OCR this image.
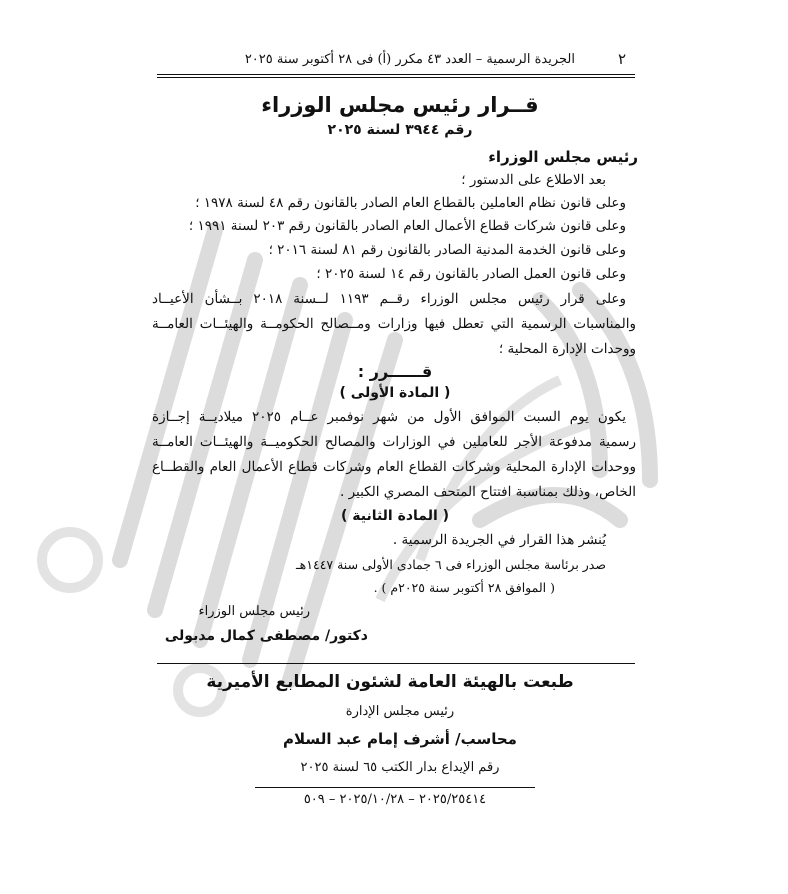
٢
الجريدة الرسمية – العدد ٤٣ مكرر (أ) فى ٢٨ أكتوبر سنة ٢٠٢٥
قــرار رئيس مجلس الوزراء
رقم ٣٩٤٤ لسنة ٢٠٢٥
رئيس مجلس الوزراء
بعد الاطلاع على الدستور ؛
وعلى قانون نظام العاملين بالقطاع العام الصادر بالقانون رقم ٤٨ لسنة ١٩٧٨ ؛
وعلى قانون شركات قطاع الأعمال العام الصادر بالقانون رقم ٢٠٣ لسنة ١٩٩١ ؛
وعلى قانون الخدمة المدنية الصادر بالقانون رقم ٨١ لسنة ٢٠١٦ ؛
وعلى قانون العمل الصادر بالقانون رقم ١٤ لسنة ٢٠٢٥ ؛
وعلى قرار رئيس مجلس الوزراء رقــم ١١٩٣ لــسنة ٢٠١٨ بــشأن الأعيــاد
والمناسبات الرسمية التي تعطل فيها وزارات ومــصالح الحكومــة والهيئــات العامــة
ووحدات الإدارة المحلية ؛
قــــــرر :
( المادة الأولى )
يكون يوم السبت الموافق الأول من شهر نوفمبر عــام ٢٠٢٥ ميلاديــة إجــازة
رسمية مدفوعة الأجر للعاملين في الوزارات والمصالح الحكوميــة والهيئــات العامــة
ووحدات الإدارة المحلية وشركات القطاع العام وشركات قطاع الأعمال العام والقطــاع
الخاص، وذلك بمناسبة افتتاح المتحف المصري الكبير .
( المادة الثانية )
يُنشر هذا القرار في الجريدة الرسمية .
صدر برئاسة مجلس الوزراء فى ٦ جمادى الأولى سنة ١٤٤٧هـ
( الموافق ٢٨ أكتوبر سنة ٢٠٢٥م ) .
رئيس مجلس الوزراء
دكتور/ مصطفى كمال مدبولى
طبعت بالهيئة العامة لشئون المطابع الأميرية
رئيس مجلس الإدارة
محاسب/ أشرف إمام عبد السلام
رقم الإيداع بدار الكتب ٦٥ لسنة ٢٠٢٥
٢٠٢٥/٢٥٤١٤ – ٢٠٢٥/١٠/٢٨ – ٥٠٩
